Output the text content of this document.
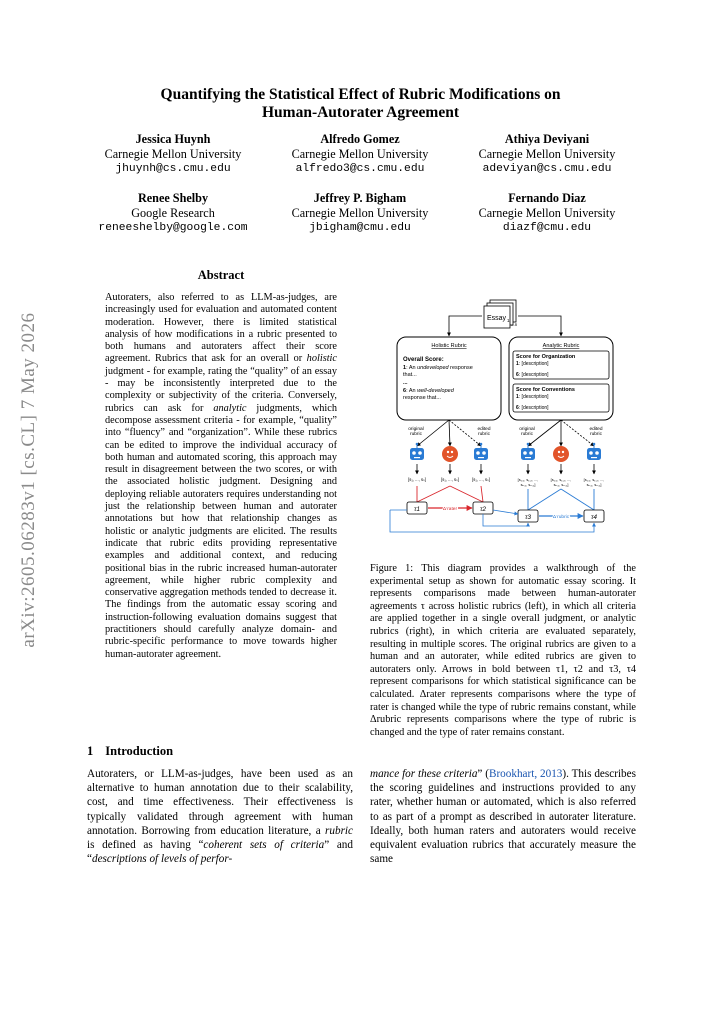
Quantifying the Statistical Effect of Rubric Modifications on
Human-Autorater Agreement
Jessica Huynh
Carnegie Mellon University
jhuynh@cs.cmu.edu
Alfredo Gomez
Carnegie Mellon University
alfredo3@cs.cmu.edu
Athiya Deviyani
Carnegie Mellon University
adeviyan@cs.cmu.edu
Renee Shelby
Google Research
reneeshelby@google.com
Jeffrey P. Bigham
Carnegie Mellon University
jbigham@cmu.edu
Fernando Diaz
Carnegie Mellon University
diazf@cmu.edu
arXiv:2605.06283v1 [cs.CL] 7 May 2026
Abstract
Autoraters, also referred to as LLM-as-judges, are increasingly used for evaluation and automated content moderation. However, there is limited statistical analysis of how modifications in a rubric presented to both humans and autoraters affect their score agreement. Rubrics that ask for an overall or holistic judgment - for example, rating the “quality” of an essay - may be inconsistently interpreted due to the complexity or subjectivity of the criteria. Conversely, rubrics can ask for analytic judgments, which decompose assessment criteria - for example, “quality” into “fluency” and “organization”. While these rubrics can be edited to improve the individual accuracy of both human and automated scoring, this approach may result in disagreement between the two scores, or with the associated holistic judgment. Designing and deploying reliable autoraters requires understanding not just the relationship between human and autorater annotations but how that relationship changes as holistic or analytic judgments are elicited. The results indicate that rubric edits providing representative examples and additional context, and reducing positional bias in the rubric increased human-autorater agreement, while higher rubric complexity and conservative aggregation methods tended to decrease it. The findings from the automatic essay scoring and instruction-following evaluation domains suggest that practitioners should carefully analyze domain- and rubric-specific performance to move towards higher human-autorater agreement.
1 Introduction
Autoraters, or LLM-as-judges, have been used as an alternative to human annotation due to their scalability, cost, and time effectiveness. Their effectiveness is typically validated through agreement with human annotation. Borrowing from education literature, a rubric is defined as having “coherent sets of criteria” and “descriptions of levels of perfor-
mance for these criteria” (Brookhart, 2013). This describes the scoring guidelines and instructions provided to any rater, whether human or automated, which is also referred to as part of a prompt as described in autorater literature. Ideally, both human raters and autoraters would receive equivalent evaluation rubrics that accurately measure the same
Essay 1
...n
Holistic Rubric
Overall Score:
1: An undeveloped response
that...
...
6: An well-developed
response that...
Analytic Rubric
Score for Organization
1: [description]
6: [description]
Score for Conventions
1: [description]
6: [description]
original rubric
edited rubric
original rubric
edited rubric
[s₁, ..., sₙ]	[s₁, ..., sₙ]	[s₁, ..., sₙ]	[s₁,₁, s₁,₂, ..., sₙ,₁, sₙ,₂]
[s₁,₁, s₁,₂, ..., sₙ,₁, sₙ,₂]
[s₁,₁, s₁,₂, ..., sₙ,₁, sₙ,₂]
τ1	τ2
τ3	τ4
Δ rater
Δ rubric
Figure 1: This diagram provides a walkthrough of the experimental setup as shown for automatic essay scoring. It represents comparisons made between human-autorater agreements τ across holistic rubrics (left), in which all criteria are applied together in a single overall judgment, or analytic rubrics (right), in which criteria are evaluated separately, resulting in multiple scores. The original rubrics are given to a human and an autorater, while edited rubrics are given to autoraters only. Arrows in bold between τ1, τ2 and τ3, τ4 represent comparisons for which statistical significance can be calculated. Δrater represents comparisons where the type of rater is changed while the type of rubric remains constant, while Δrubric represents comparisons where the type of rubric is changed and the type of rater remains constant.
